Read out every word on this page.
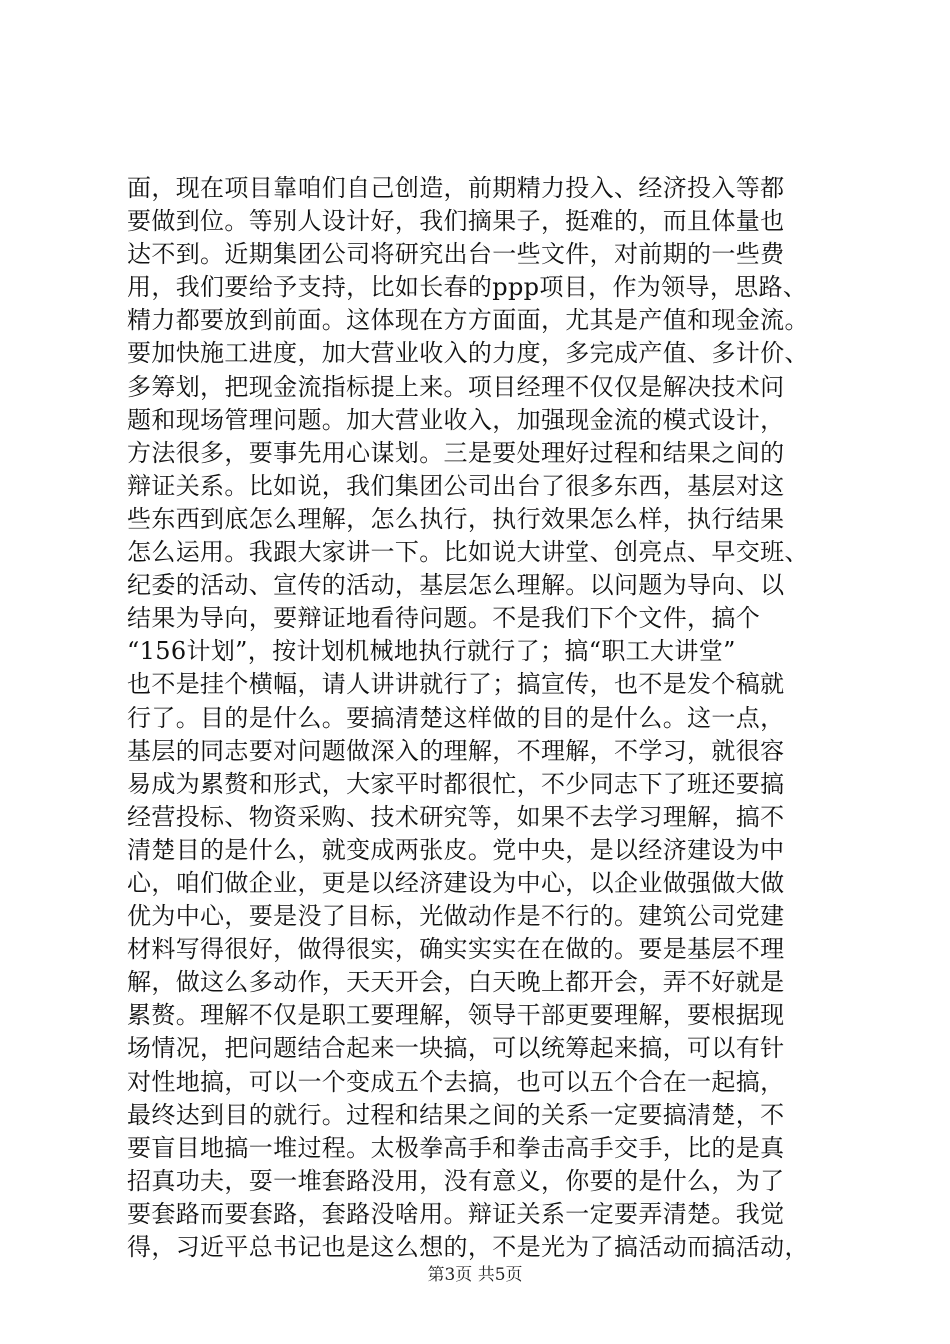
面，现在项目靠咱们自己创造，前期精力投入、经济投入等都
要做到位。等别人设计好，我们摘果子，挺难的，而且体量也
达不到。近期集团公司将研究出台一些文件，对前期的一些费
用，我们要给予支持，比如长春的ppp项目，作为领导，思路、
精力都要放到前面。这体现在方方面面，尤其是产值和现金流。
要加快施工进度，加大营业收入的力度，多完成产值、多计价、
多筹划，把现金流指标提上来。项目经理不仅仅是解决技术问
题和现场管理问题。加大营业收入，加强现金流的模式设计，
方法很多，要事先用心谋划。三是要处理好过程和结果之间的
辩证关系。比如说，我们集团公司出台了很多东西，基层对这
些东西到底怎么理解，怎么执行，执行效果怎么样，执行结果
怎么运用。我跟大家讲一下。比如说大讲堂、创亮点、早交班、
纪委的活动、宣传的活动，基层怎么理解。以问题为导向、以
结果为导向，要辩证地看待问题。不是我们下个文件，搞个
“156计划”，按计划机械地执行就行了；搞“职工大讲堂”
也不是挂个横幅，请人讲讲就行了；搞宣传，也不是发个稿就
行了。目的是什么。要搞清楚这样做的目的是什么。这一点，
基层的同志要对问题做深入的理解，不理解，不学习，就很容
易成为累赘和形式，大家平时都很忙，不少同志下了班还要搞
经营投标、物资采购、技术研究等，如果不去学习理解，搞不
清楚目的是什么，就变成两张皮。党中央，是以经济建设为中
心，咱们做企业，更是以经济建设为中心，以企业做强做大做
优为中心，要是没了目标，光做动作是不行的。建筑公司党建
材料写得很好，做得很实，确实实实在在做的。要是基层不理
解，做这么多动作，天天开会，白天晚上都开会，弄不好就是
累赘。理解不仅是职工要理解，领导干部更要理解，要根据现
场情况，把问题结合起来一块搞，可以统筹起来搞，可以有针
对性地搞，可以一个变成五个去搞，也可以五个合在一起搞，
最终达到目的就行。过程和结果之间的关系一定要搞清楚，不
要盲目地搞一堆过程。太极拳高手和拳击高手交手，比的是真
招真功夫，耍一堆套路没用，没有意义，你要的是什么，为了
要套路而要套路，套路没啥用。辩证关系一定要弄清楚。我觉
得，习近平总书记也是这么想的，不是光为了搞活动而搞活动，
第3页 共5页
